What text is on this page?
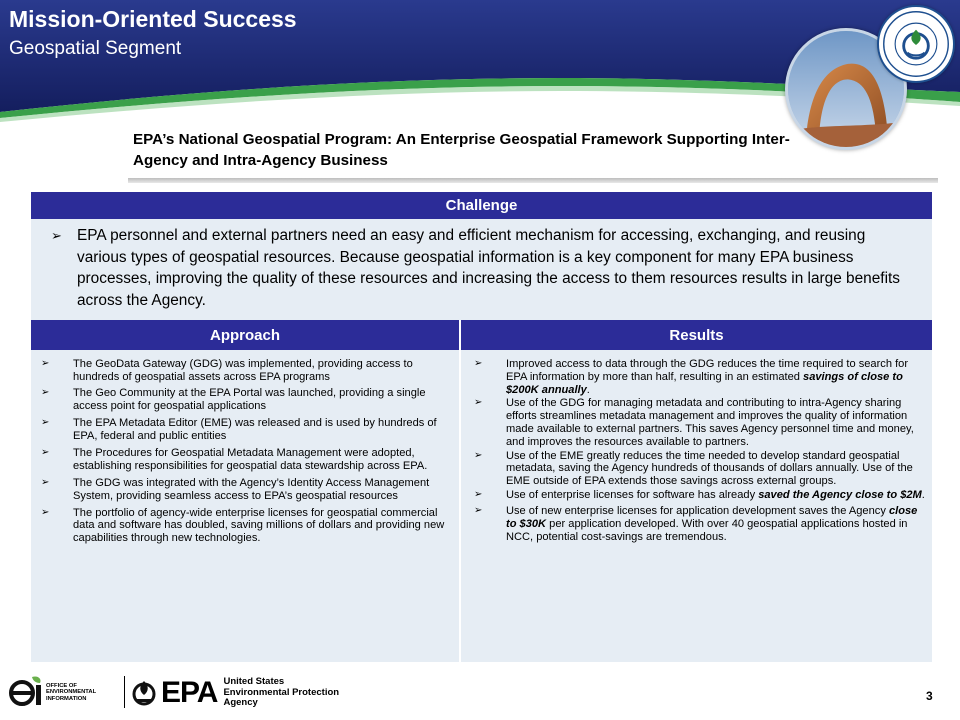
Mission-Oriented Success
Geospatial Segment
EPA’s National Geospatial Program: An Enterprise Geospatial Framework Supporting Inter-Agency and Intra-Agency Business
Challenge
➢ EPA personnel and external partners need an easy and efficient mechanism for accessing, exchanging, and reusing various types of geospatial resources. Because geospatial information is a key component for many EPA business processes, improving the quality of these resources and increasing the access to them resources results in large benefits across the Agency.
Approach
➢ The GeoData Gateway (GDG) was implemented, providing access to hundreds of geospatial assets across EPA programs
➢ The Geo Community at the EPA Portal was launched, providing a single access point for geospatial applications
➢ The EPA Metadata Editor (EME) was released and is used by hundreds of EPA, federal and public entities
➢ The Procedures for Geospatial Metadata Management were adopted, establishing responsibilities for geospatial data stewardship across EPA.
➢ The GDG was integrated with the Agency’s Identity Access Management System, providing seamless access to EPA’s geospatial resources
➢ The portfolio of agency-wide enterprise licenses for geospatial commercial data and software has doubled, saving millions of dollars and providing new capabilities through new technologies.
Results
➢ Improved access to data through the GDG reduces the time required to search for EPA information by more than half, resulting in an estimated savings of close to $200K annually.
➢ Use of the GDG for managing metadata and contributing to intra-Agency sharing efforts streamlines metadata management and improves the quality of information made available to external partners. This saves Agency personnel time and money, and improves the resources available to partners.
➢ Use of the EME greatly reduces the time needed to develop standard geospatial metadata, saving the Agency hundreds of thousands of dollars annually. Use of the EME outside of EPA extends those savings across external groups.
➢ Use of enterprise licenses for software has already saved the Agency close to $2M.
➢ Use of new enterprise licenses for application development saves the Agency close to $30K per application developed. With over 40 geospatial applications hosted in NCC, potential cost-savings are tremendous.
OFFICE OF
ENVIRONMENTAL
INFORMATION	EPA United States
Environmental Protection
Agency	3
